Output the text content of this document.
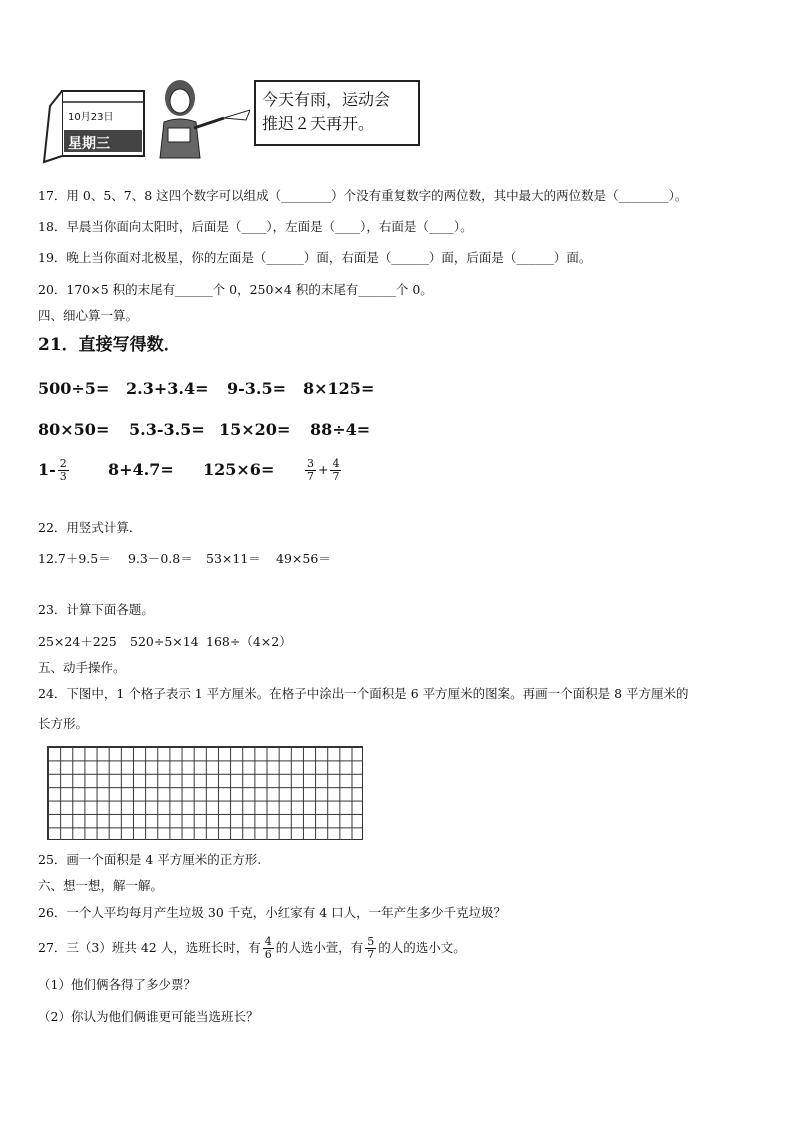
10月23日
星期三
今天有雨，运动会
推迟２天再开。
17．用 0、5、7、8 这四个数字可以组成（________）个没有重复数字的两位数，其中最大的两位数是（________）。
18．早晨当你面向太阳时，后面是（____），左面是（____），右面是（____）。
19．晚上当你面对北极星，你的左面是（______）面，右面是（______）面，后面是（______）面。
20．170×5 积的末尾有______个 0，250×4 积的末尾有______个 0。
四、细心算一算。
21．直接写得数．
500÷5= 2.3+3.4= 9-3.5= 8×125=
80×50= 5.3-3.5= 15×20= 88÷4=
$1- \frac{2}{3} 8+4.7= 125\times 6=$	$\frac{3}{7} + \frac{4}{7}$
22．用竖式计算．
12.7＋9.5＝ 9.3－0.8＝ 53×11＝ 49×56＝
23．计算下面各题。
25×24＋225 520÷5×14 168÷（4×2）
五、动手操作。
24．下图中，1 个格子表示 1 平方厘米。在格子中涂出一个面积是 6 平方厘米的图案。再画一个面积是 8 平方厘米的
长方形。
25．画一个面积是 4 平方厘米的正方形.
六、想一想，解一解。
26．一个人平均每月产生垃圾 30 千克，小红家有 4 口人，一年产生多少千克垃圾？
27．三（3）班共 42 人，选班长时，有 $\frac{4}{6}$ 的人选小萱，有 $\frac{5}{7}$ 的人的选小文。
（1）他们俩各得了多少票？
（2）你认为他们俩谁更可能当选班长？
